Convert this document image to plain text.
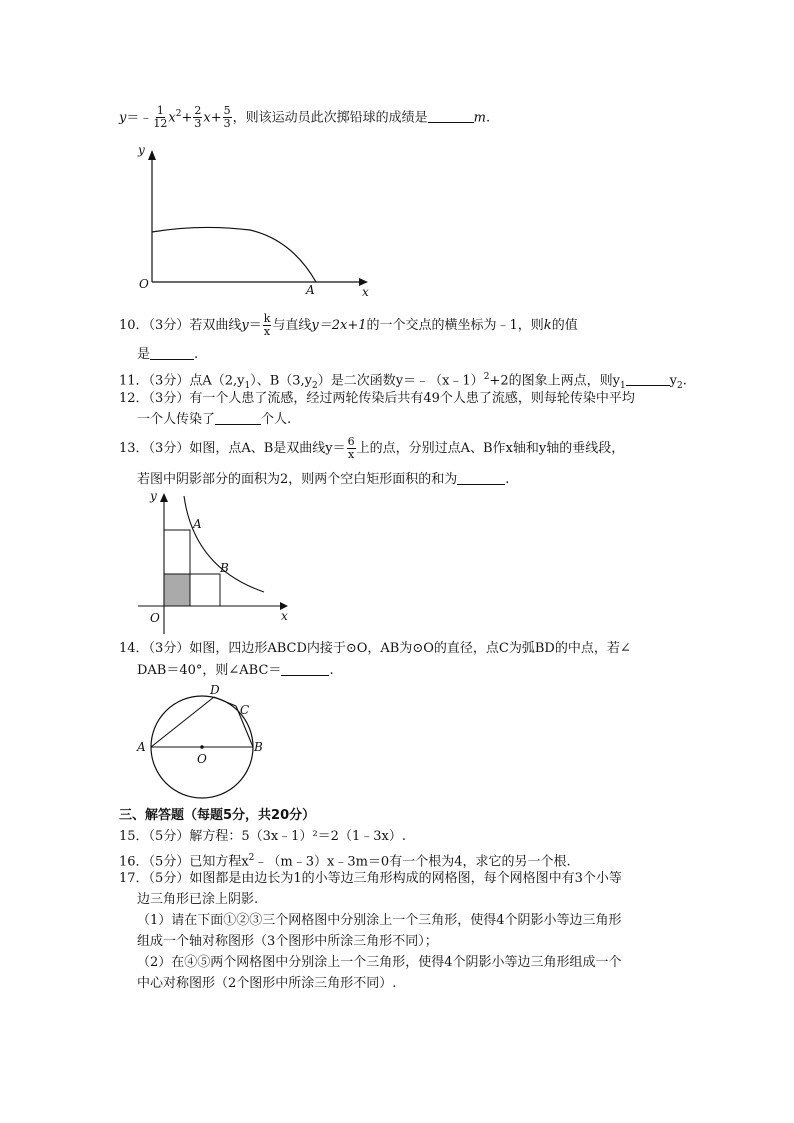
y＝﹣ $\frac{1}{12} x^2+ \frac{2}{3} x+ \frac{5}{3}$ ，则该运动员此次掷铅球的成绩是	m.
y
x
O	A
10．（3分）若双曲线$y= \frac{k}{x}$ 与直线y＝2x+1的一个交点的横坐标为﹣1，则k的值
是	.
11．（3分）点$A(2,y_1)$、$B(3,y_2)$是二次函数y＝﹣（x﹣1）$^2$+2的图象上两点，则$y_1$	$y_2$.
12．（3分）有一个人患了流感，经过两轮传染后共有49个人患了流感，则每轮传染中平均
一个人传染了	个人.
13．（3分）如图，点A、B是双曲线$y= \frac{6}{x}$ 上的点，分别过点A、B作x轴和y轴的垂线段，
若图中阴影部分的面积为2，则两个空白矩形面积的和为	.
y
x
O
A
B
14．（3分）如图，四边形ABCD内接于⊙O，AB为⊙O的直径，点C为弧BD的中点，若∠
DAB＝40°，则∠ABC＝	.
A	B
C
D
O
三、解答题（每题5分，共20分）
15．（5分）解方程：5（3x﹣1）²＝2（1﹣3x）.
16．（5分）已知方程$x^2﹣(m﹣3)x﹣3m=0$有一个根为4，求它的另一个根.
17．（5分）如图都是由边长为1的小等边三角形构成的网格图，每个网格图中有3个小等
边三角形已涂上阴影.
（1）请在下面①②③三个网格图中分别涂上一个三角形，使得4个阴影小等边三角形
组成一个轴对称图形（3个图形中所涂三角形不同）；
（2）在④⑤两个网格图中分别涂上一个三角形，使得4个阴影小等边三角形组成一个
中心对称图形（2个图形中所涂三角形不同）.
